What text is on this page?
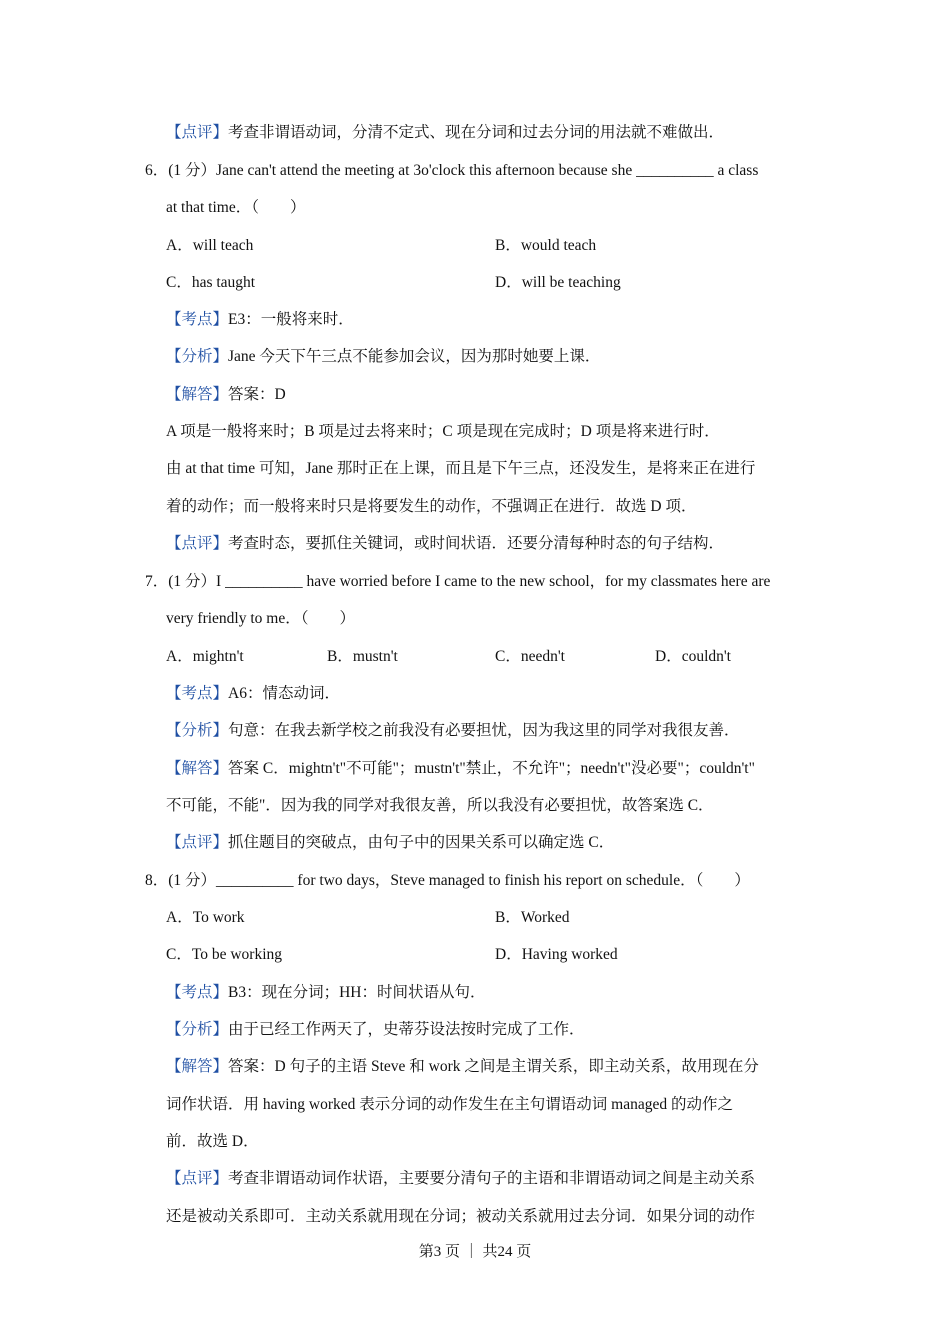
【点评】考查非谓语动词，分清不定式、现在分词和过去分词的用法就不难做出．
6．(1 分）Jane can't attend the meeting at 3o'clock this afternoon because she __________ a class
at that time．（　　）
A．will teach	B．would teach
C．has taught	D．will be teaching
【考点】E3：一般将来时．
【分析】Jane 今天下午三点不能参加会议，因为那时她要上课．
【解答】答案：D
A 项是一般将来时；B 项是过去将来时；C 项是现在完成时；D 项是将来进行时．
由 at that time 可知，Jane 那时正在上课，而且是下午三点，还没发生，是将来正在进行
着的动作；而一般将来时只是将要发生的动作，不强调正在进行．故选 D 项．
【点评】考查时态，要抓住关键词，或时间状语．还要分清每种时态的句子结构．
7．(1 分）I __________ have worried before I came to the new school，for my classmates here are
very friendly to me．（　　）
A．mightn't	B．mustn't	C．needn't	D．couldn't
【考点】A6：情态动词．
【分析】句意：在我去新学校之前我没有必要担忧，因为我这里的同学对我很友善．
【解答】答案 C．mightn't"不可能"；mustn't"禁止，不允许"；needn't"没必要"；couldn't"
不可能，不能"．因为我的同学对我很友善，所以我没有必要担忧，故答案选 C．
【点评】抓住题目的突破点，由句子中的因果关系可以确定选 C．
8．(1 分）__________ for two days，Steve managed to finish his report on schedule．（　　）
A．To work	B．Worked
C．To be working	D．Having worked
【考点】B3：现在分词；HH：时间状语从句．
【分析】由于已经工作两天了，史蒂芬设法按时完成了工作．
【解答】答案：D 句子的主语 Steve 和 work 之间是主谓关系，即主动关系，故用现在分
词作状语．用 having worked 表示分词的动作发生在主句谓语动词 managed 的动作之
前．故选 D．
【点评】考查非谓语动词作状语，主要要分清句子的主语和非谓语动词之间是主动关系
还是被动关系即可．主动关系就用现在分词；被动关系就用过去分词．如果分词的动作
第3 页 ｜ 共24 页
